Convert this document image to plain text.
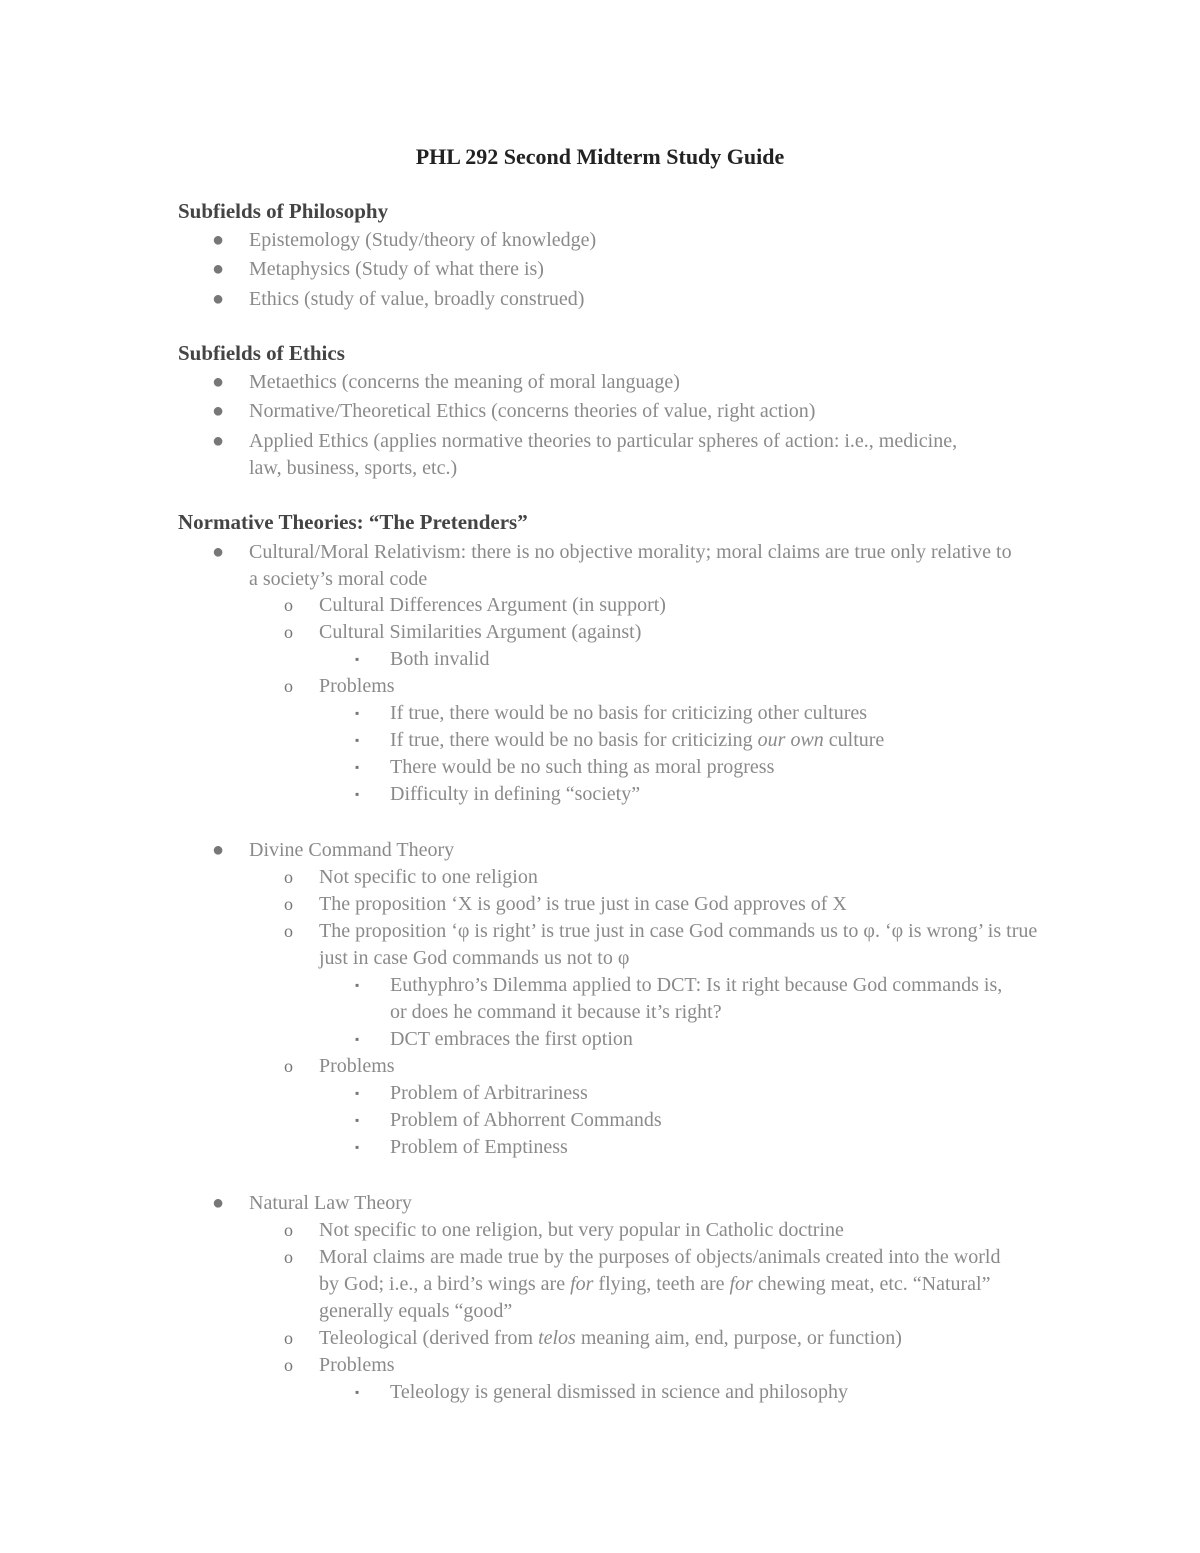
PHL 292 Second Midterm Study Guide
Subfields of Philosophy
● Epistemology (Study/theory of knowledge)
● Metaphysics (Study of what there is)
● Ethics (study of value, broadly construed)
Subfields of Ethics
● Metaethics (concerns the meaning of moral language)
● Normative/Theoretical Ethics (concerns theories of value, right action)
● Applied Ethics (applies normative theories to particular spheres of action: i.e., medicine, law, business, sports, etc.)
Normative Theories: “The Pretenders”
● Cultural/Moral Relativism: there is no objective morality; moral claims are true only relative to a society’s moral code
o Cultural Differences Argument (in support)
o Cultural Similarities Argument (against)
▪ Both invalid
o Problems
▪ If true, there would be no basis for criticizing other cultures
▪ If true, there would be no basis for criticizing our own culture
▪ There would be no such thing as moral progress
▪ Difficulty in defining “society”
● Divine Command Theory
o Not specific to one religion
o The proposition ‘X is good’ is true just in case God approves of X
o The proposition ‘φ is right’ is true just in case God commands us to φ. ‘φ is wrong’ is true just in case God commands us not to φ
▪ Euthyphro’s Dilemma applied to DCT: Is it right because God commands is, or does he command it because it’s right?
▪ DCT embraces the first option
o Problems
▪ Problem of Arbitrariness
▪ Problem of Abhorrent Commands
▪ Problem of Emptiness
● Natural Law Theory
o Not specific to one religion, but very popular in Catholic doctrine
o Moral claims are made true by the purposes of objects/animals created into the world by God; i.e., a bird’s wings are for flying, teeth are for chewing meat, etc. “Natural” generally equals “good”
o Teleological (derived from telos meaning aim, end, purpose, or function)
o Problems
▪ Teleology is general dismissed in science and philosophy
